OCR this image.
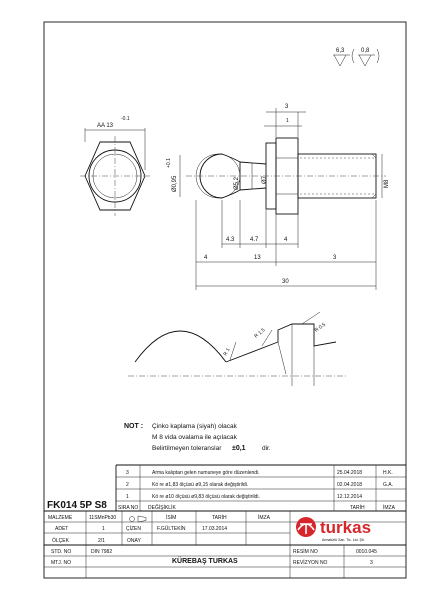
6,3	0,8
AA 13
-0.1
Ø0,95
+0.1
Ø5,2	Ø7	M8
3
1
4.3	4.7	4
4	13	3
30
R 1
R 1.5	R 0.5
NOT : Çinko kaplama (siyah) olacak
M 8 vida ovalama ile açılacak
Belirtilmeyen toleranslar ±0,1	dir.
3	Arma kalıptan gelen numuneye göre düzenlendi.	25.04.2018	H.K.
2	Kö re ø1,83 ölçüsü ø9,15 olarak değiştirildi.	02.04.2018	G.A.
1	Kö re ø10 ölçüsü ø9,83 ölçüsü olarak değiştirildi.	12.12.2014
FK014 5P S8 SIRA NO DEĞİŞİKLİK	TARİH	İMZA
MALZEME	11SMnPb30
ADET	1
ÖLÇEK	2/1
STD. NO	DIN 7982
MTJ. NO
İSİM	TARİH	İMZA
ÇİZEN	F.GÜLTEKİN	17.03.2014
ONAY
KÜREBAŞ TURKAS
RESİM NO	0010.045
REVİZYON NO	3
turkas
Armatürlü San. Tic. Ltd. Şti.
